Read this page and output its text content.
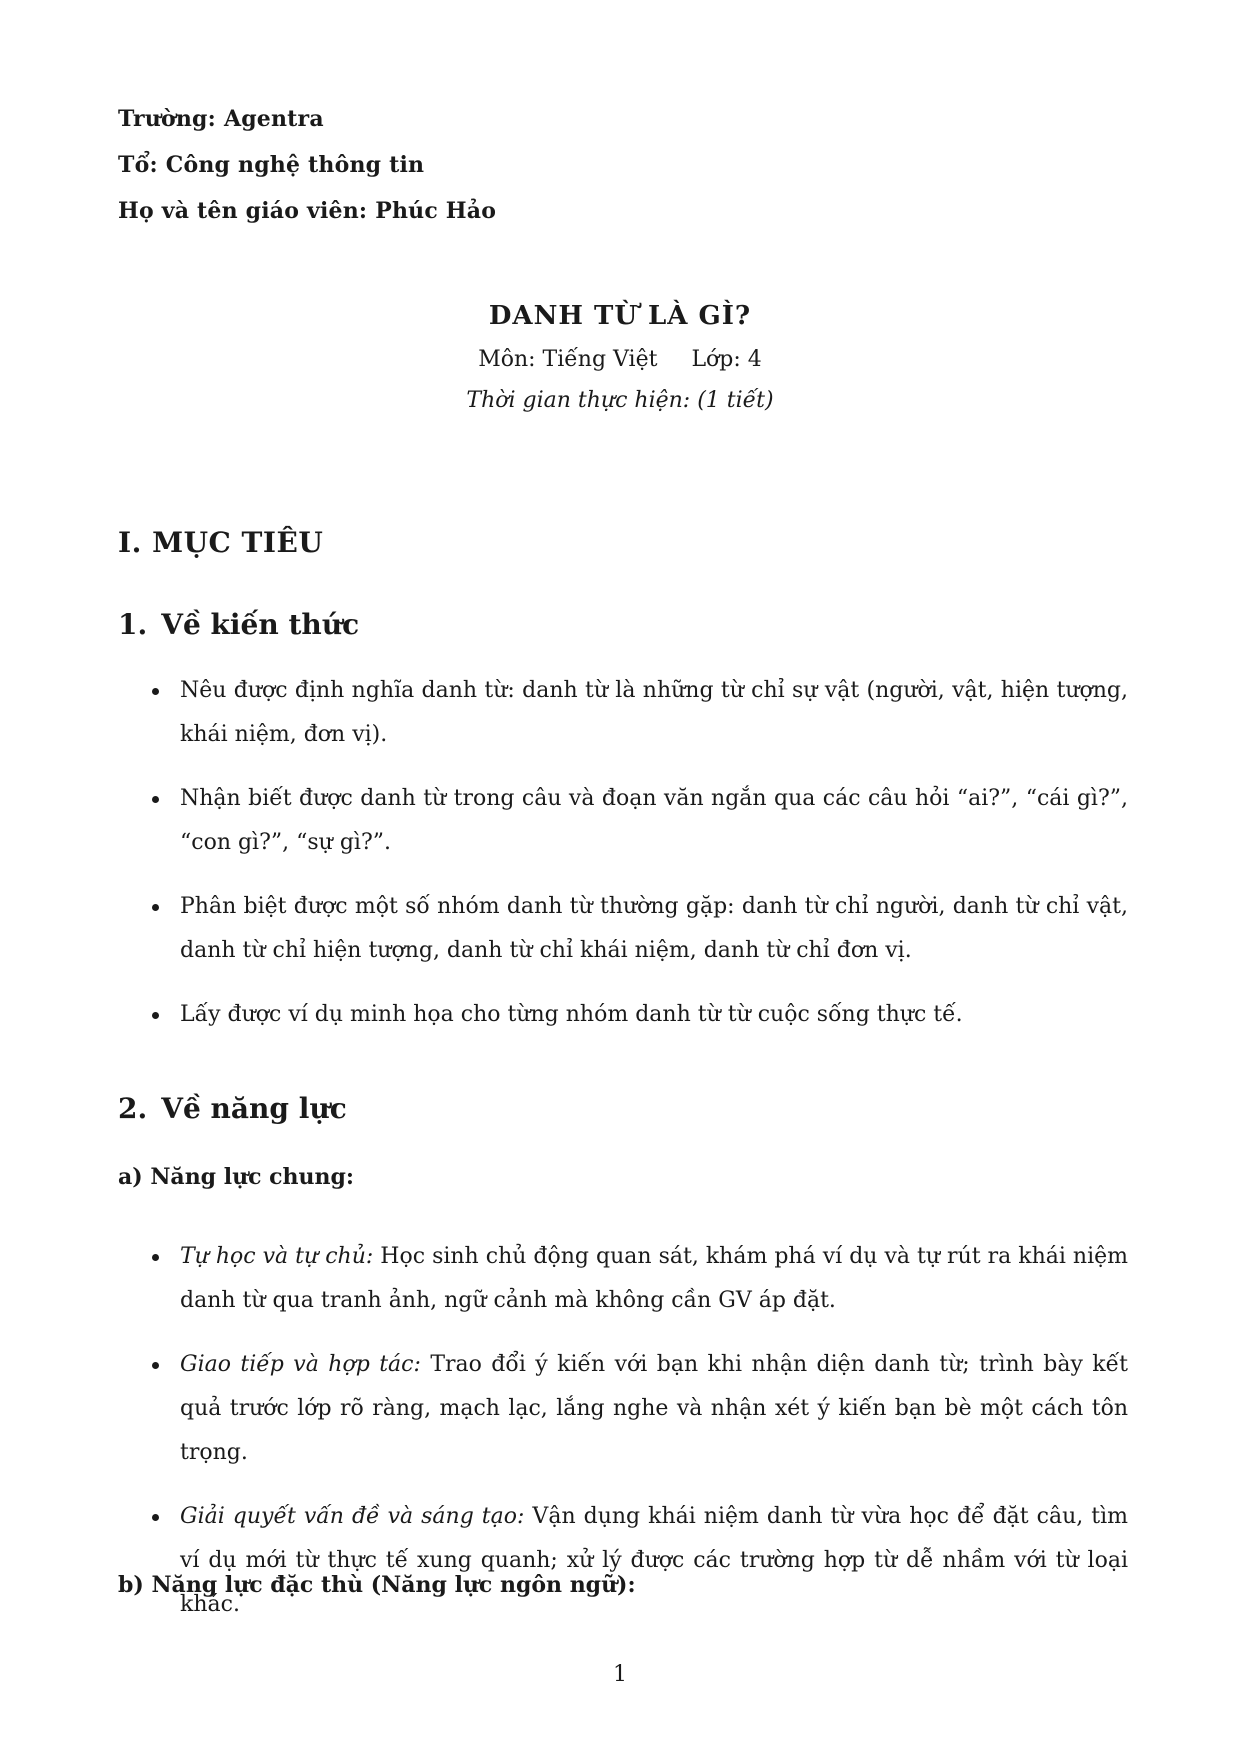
Trường: Agentra
Tổ: Công nghệ thông tin
Họ và tên giáo viên: Phúc Hảo
DANH TỪ LÀ GÌ?

Môn: Tiếng Việt Lớp: 4

Thời gian thực hiện: (1 tiết)

I. MỤC TIÊU
1. Về kiến thức
Nêu được định nghĩa danh từ: danh từ là những từ chỉ sự vật (người, vật, hiện tượng, khái niệm, đơn vị).
Nhận biết được danh từ trong câu và đoạn văn ngắn qua các câu hỏi “ai?”, “cái gì?”, “con gì?”, “sự gì?”.
Phân biệt được một số nhóm danh từ thường gặp: danh từ chỉ người, danh từ chỉ vật, danh từ chỉ hiện tượng, danh từ chỉ khái niệm, danh từ chỉ đơn vị.
Lấy được ví dụ minh họa cho từng nhóm danh từ từ cuộc sống thực tế.
2. Về năng lực
a) Năng lực chung:
Tự học và tự chủ: Học sinh chủ động quan sát, khám phá ví dụ và tự rút ra khái niệm danh từ qua tranh ảnh, ngữ cảnh mà không cần GV áp đặt.
Giao tiếp và hợp tác: Trao đổi ý kiến với bạn khi nhận diện danh từ; trình bày kết quả trước lớp rõ ràng, mạch lạc, lắng nghe và nhận xét ý kiến bạn bè một cách tôn trọng.
Giải quyết vấn đề và sáng tạo: Vận dụng khái niệm danh từ vừa học để đặt câu, tìm ví dụ mới từ thực tế xung quanh; xử lý được các trường hợp từ dễ nhầm với từ loại khác.
b) Năng lực đặc thù (Năng lực ngôn ngữ):
1
